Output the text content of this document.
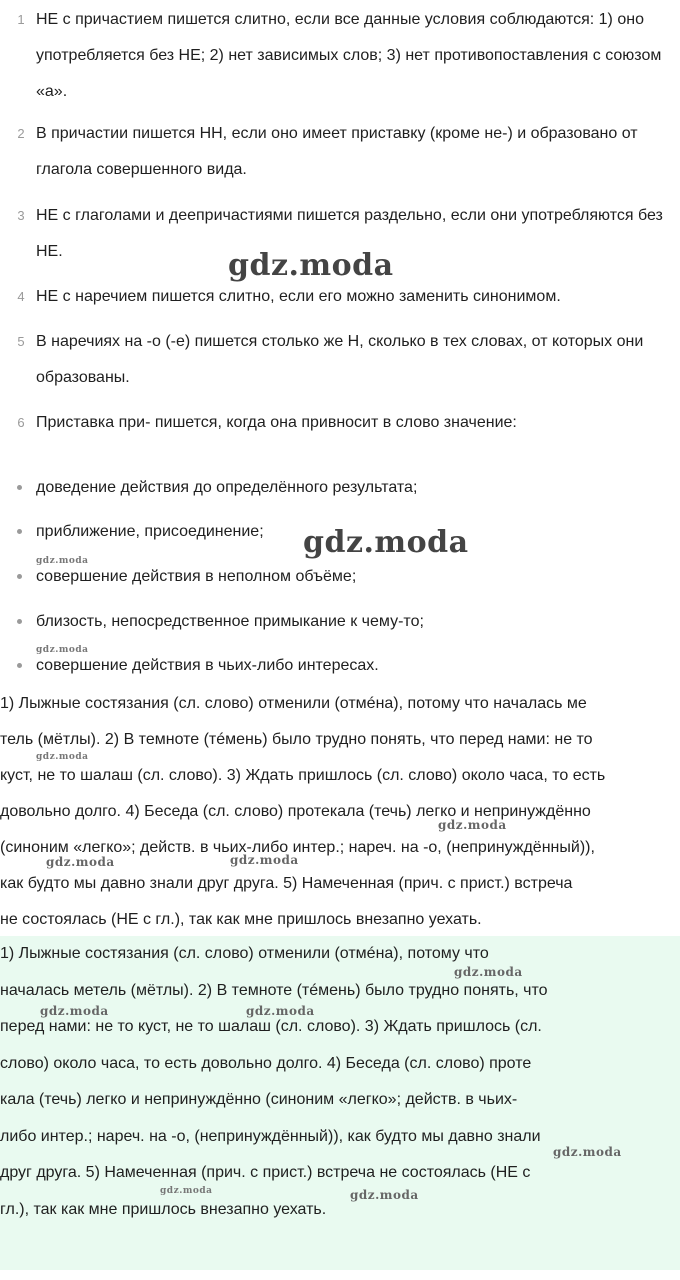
1 НЕ с причастием пишется слитно, если все данные условия соблюдаются: 1) оно употребляется без НЕ; 2) нет зависимых слов; 3) нет противопоставления с союзом «а».
2 В причастии пишется НН, если оно имеет приставку (кроме не-) и образовано от глагола совершенного вида.
3 НЕ с глаголами и деепричастиями пишется раздельно, если они употребляются без НЕ.
4 НЕ с наречием пишется слитно, если его можно заменить синонимом.
5 В наречиях на -о (-е) пишется столько же Н, сколько в тех словах, от которых они образованы.
6 Приставка при- пишется, когда она привносит в слово значение:
доведение действия до определённого результата;
приближение, присоединение;
совершение действия в неполном объёме;
близость, непосредственное примыкание к чему-то;
совершение действия в чьих-либо интересах.
1) Лыжные состязания (сл. слово) отменили (отмéна), потому что началась ме
тель (мётлы). 2) В темноте (тéмень) было трудно понять, что перед нами: не то
куст, не то шалаш (сл. слово). 3) Ждать пришлось (сл. слово) около часа, то есть
довольно долго. 4) Беседа (сл. слово) протекала (течь) легко и непринуждённо
(синоним «легко»; действ. в чьих-либо интер.; нареч. на -о, (непринуждённый)),
как будто мы давно знали друг друга. 5) Намеченная (прич. с прист.) встреча
не состоялась (НЕ с гл.), так как мне пришлось внезапно уехать.
1) Лыжные состязания (сл. слово) отменили (отмéна), потому что
началась метель (мётлы). 2) В темноте (тéмень) было трудно понять, что
перед нами: не то куст, не то шалаш (сл. слово). 3) Ждать пришлось (сл.
слово) около часа, то есть довольно долго. 4) Беседа (сл. слово) проте
кала (течь) легко и непринуждённо (синоним «легко»; действ. в чьих-
либо интер.; нареч. на -о, (непринуждённый)), как будто мы давно знали
друг друга. 5) Намеченная (прич. с прист.) встреча не состоялась (НЕ с
гл.), так как мне пришлось внезапно уехать.
gdz.moda
gdz.moda
gdz.moda
gdz.moda
gdz.moda
gdz.moda
gdz.moda	gdz.moda
gdz.moda
gdz.moda	gdz.moda
gdz.moda
gdz.moda	gdz.moda
